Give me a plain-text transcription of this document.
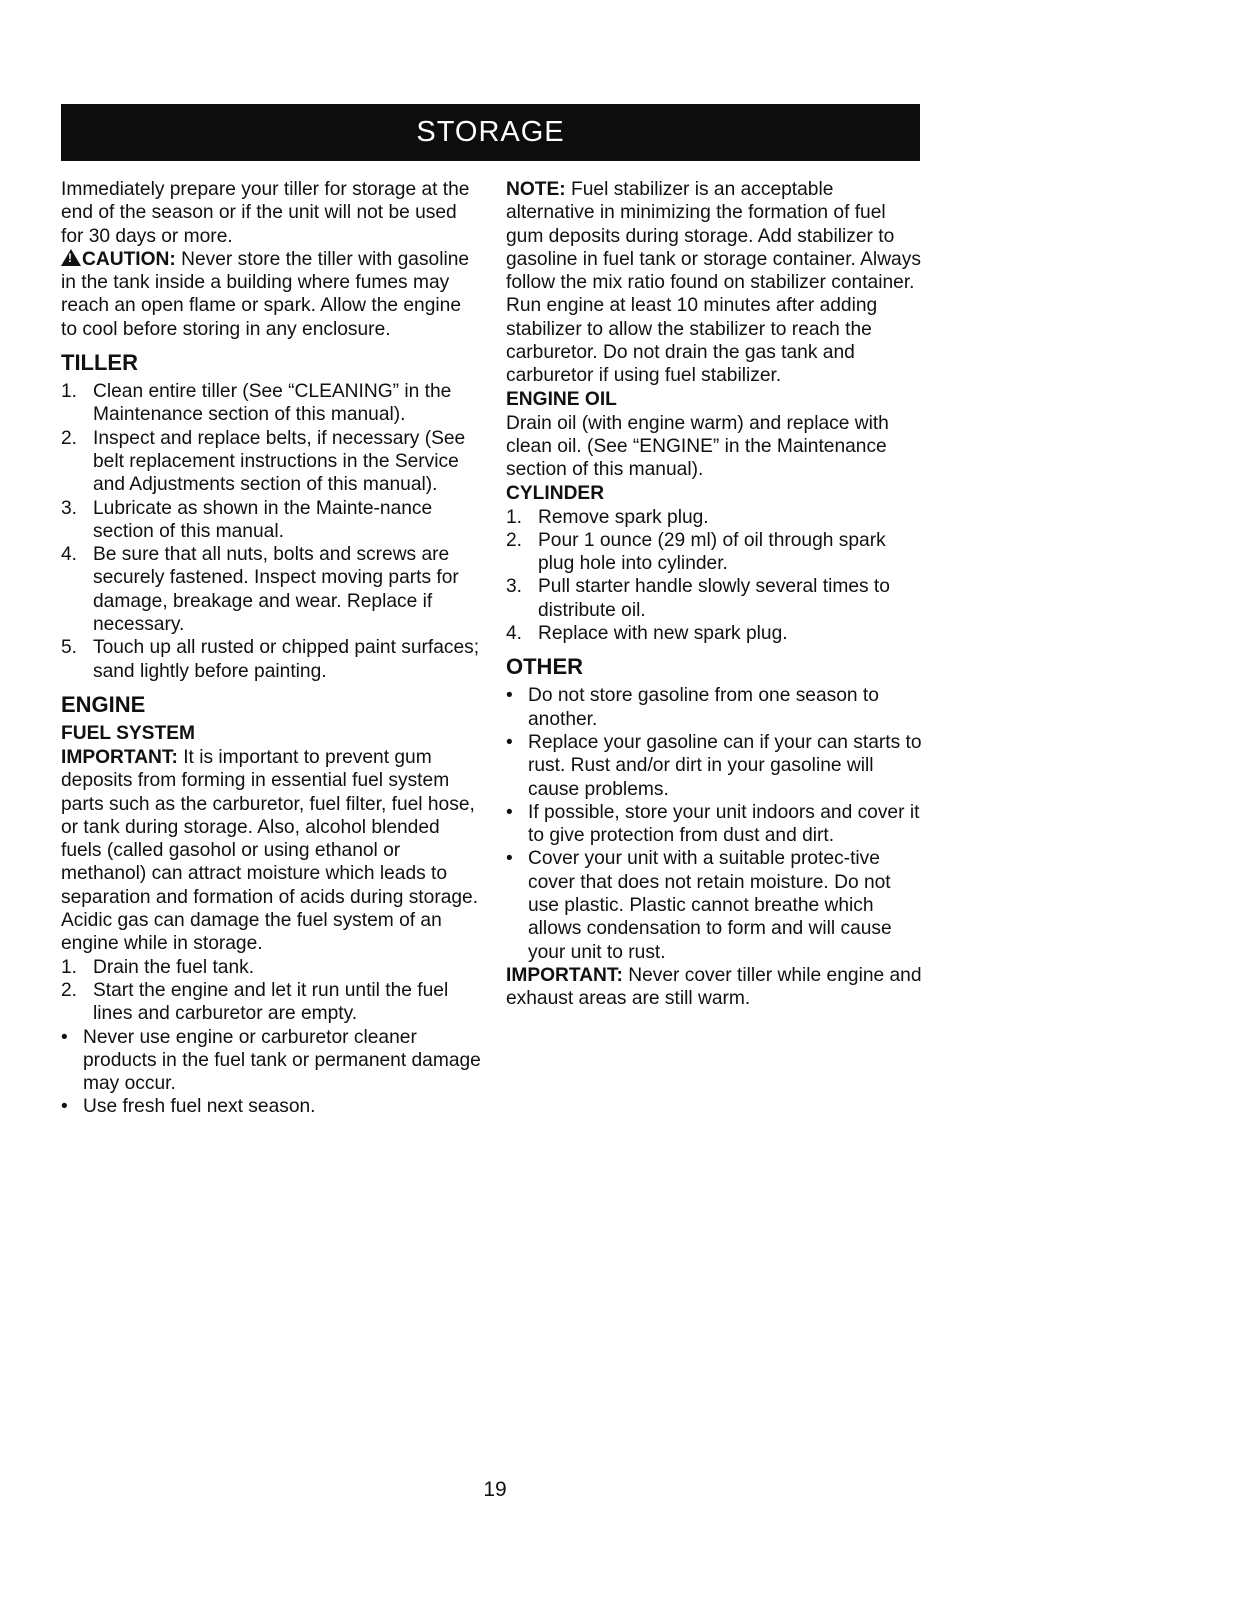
STORAGE

Immediately prepare your tiller for storage at the end of the season or if the unit will not be used for 30 days or more.

!CAUTION: Never store the tiller with gasoline in the tank inside a building where fumes may reach an open flame or spark. Allow the engine to cool before storing in any enclosure.

TILLER
1. Clean entire tiller (See “CLEANING” in the Maintenance section of this manual).
2. Inspect and replace belts, if necessary (See belt replacement instructions in the Service and Adjustments section of this manual).
3. Lubricate as shown in the Mainte-nance section of this manual.
4. Be sure that all nuts, bolts and screws are securely fastened. Inspect moving parts for damage, breakage and wear. Replace if necessary.
5. Touch up all rusted or chipped paint surfaces; sand lightly before painting.
ENGINE
FUEL SYSTEM

IMPORTANT: It is important to prevent gum deposits from forming in essential fuel system parts such as the carburetor, fuel filter, fuel hose, or tank during storage. Also, alcohol blended fuels (called gasohol or using ethanol or methanol) can attract moisture which leads to separation and formation of acids during storage. Acidic gas can damage the fuel system of an engine while in storage.

1. Drain the fuel tank.
2. Start the engine and let it run until the fuel lines and carburetor are empty.
• Never use engine or carburetor cleaner products in the fuel tank or permanent damage may occur.
• Use fresh fuel next season.

NOTE: Fuel stabilizer is an acceptable alternative in minimizing the formation of fuel gum deposits during storage. Add stabilizer to gasoline in fuel tank or storage container. Always follow the mix ratio found on stabilizer container. Run engine at least 10 minutes after adding stabilizer to allow the stabilizer to reach the carburetor. Do not drain the gas tank and carburetor if using fuel stabilizer.

ENGINE OIL

Drain oil (with engine warm) and replace with clean oil. (See “ENGINE” in the Maintenance section of this manual).

CYLINDER
1. Remove spark plug.
2. Pour 1 ounce (29 ml) of oil through spark plug hole into cylinder.
3. Pull starter handle slowly several times to distribute oil.
4. Replace with new spark plug.
OTHER
• Do not store gasoline from one season to another.
• Replace your gasoline can if your can starts to rust. Rust and/or dirt in your gasoline will cause problems.
• If possible, store your unit indoors and cover it to give protection from dust and dirt.
• Cover your unit with a suitable protec-tive cover that does not retain moisture. Do not use plastic. Plastic cannot breathe which allows condensation to form and will cause your unit to rust.

IMPORTANT: Never cover tiller while engine and exhaust areas are still warm.

19
